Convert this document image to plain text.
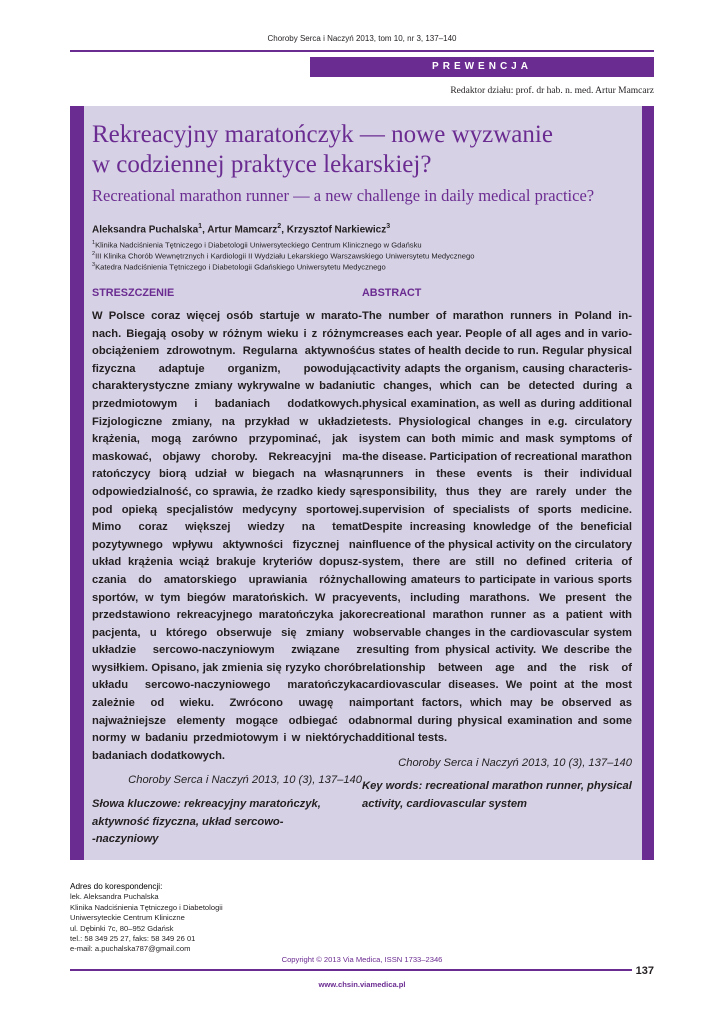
Choroby Serca i Naczyń 2013, tom 10, nr 3, 137–140
PREWENCJA
Redaktor działu: prof. dr hab. n. med. Artur Mamcarz
Rekreacyjny maratończyk — nowe wyzwanie
w codziennej praktyce lekarskiej?
Recreational marathon runner — a new challenge in daily medical practice?
Aleksandra Puchalska$^1$, Artur Mamcarz$^2$, Krzysztof Narkiewicz$^3$
$^1$Klinika Nadciśnienia Tętniczego i Diabetologii Uniwersyteckiego Centrum Klinicznego w Gdańsku
$^2$III Klinika Chorób Wewnętrznych i Kardiologii II Wydziału Lekarskiego Warszawskiego Uniwersytetu Medycznego
$^3$Katedra Nadciśnienia Tętniczego i Diabetologii Gdańskiego Uniwersytetu Medycznego
STRESZCZENIE
W Polsce coraz więcej osób startuje w maratonach. Biegają osoby w różnym wieku i z różnym obciążeniem zdrowotnym. Regularna aktywność fizyczna adaptuje organizm, powodując charakterystyczne zmiany wykrywalne w badaniu przedmiotowym i badaniach dodatkowych. Fizjologiczne zmiany, na przykład w układzie krążenia, mogą zarówno przypominać, jak i maskować, objawy choroby. Rekreacyjni maratończycy biorą udział w biegach na własną odpowiedzialność, co sprawia, że rzadko kiedy są pod opieką specjalistów medycyny sportowej. Mimo coraz większej wiedzy na temat pozytywnego wpływu aktywności fizycznej na układ krążenia wciąż brakuje kryteriów dopuszczania do amatorskiego uprawiania różnych sportów, w tym biegów maratońskich. W pracy przedstawiono rekreacyjnego maratończyka jako pacjenta, u którego obserwuje się zmiany w układzie sercowo-naczyniowym związane z wysiłkiem. Opisano, jak zmienia się ryzyko chorób układu sercowo-naczyniowego maratończyka zależnie od wieku. Zwrócono uwagę na najważniejsze elementy mogące odbiegać od normy w badaniu przedmiotowym i w niektórych badaniach dodatkowych.
Choroby Serca i Naczyń 2013, 10 (3), 137–140
Słowa kluczowe: rekreacyjny maratończyk, aktywność fizyczna, układ sercowo-
-naczyniowy
ABSTRACT
The number of marathon runners in Poland increases each year. People of all ages and in various states of health decide to run. Regular physical activity adapts the organism, causing characteristic changes, which can be detected during a physical examination, as well as during additional tests. Physiological changes in e.g. circulatory system can both mimic and mask symptoms of the disease. Participation of recreational marathon runners in these events is their individual responsibility, thus they are rarely under the supervision of specialists of sports medicine. Despite increasing knowledge of the beneficial influence of the physical activity on the circulatory system, there are still no defined criteria of allowing amateurs to participate in various sports events, including marathons. We present the recreational marathon runner as a patient with observable changes in the cardiovascular system resulting from physical activity. We describe the relationship between age and the risk of cardiovascular diseases. We point at the most important factors, which may be observed as abnormal during physical examination and some additional tests.
Choroby Serca i Naczyń 2013, 10 (3), 137–140
Key words: recreational marathon runner, physical activity, cardiovascular system
Adres do korespondencji:
lek. Aleksandra Puchalska
Klinika Nadciśnienia Tętniczego i Diabetologii
Uniwersyteckie Centrum Kliniczne
ul. Dębinki 7c, 80–952 Gdańsk
tel.: 58 349 25 27, faks: 58 349 26 01
e-mail: a.puchalska787@gmail.com
Copyright © 2013 Via Medica, ISSN 1733–2346
137
www.chsin.viamedica.pl
